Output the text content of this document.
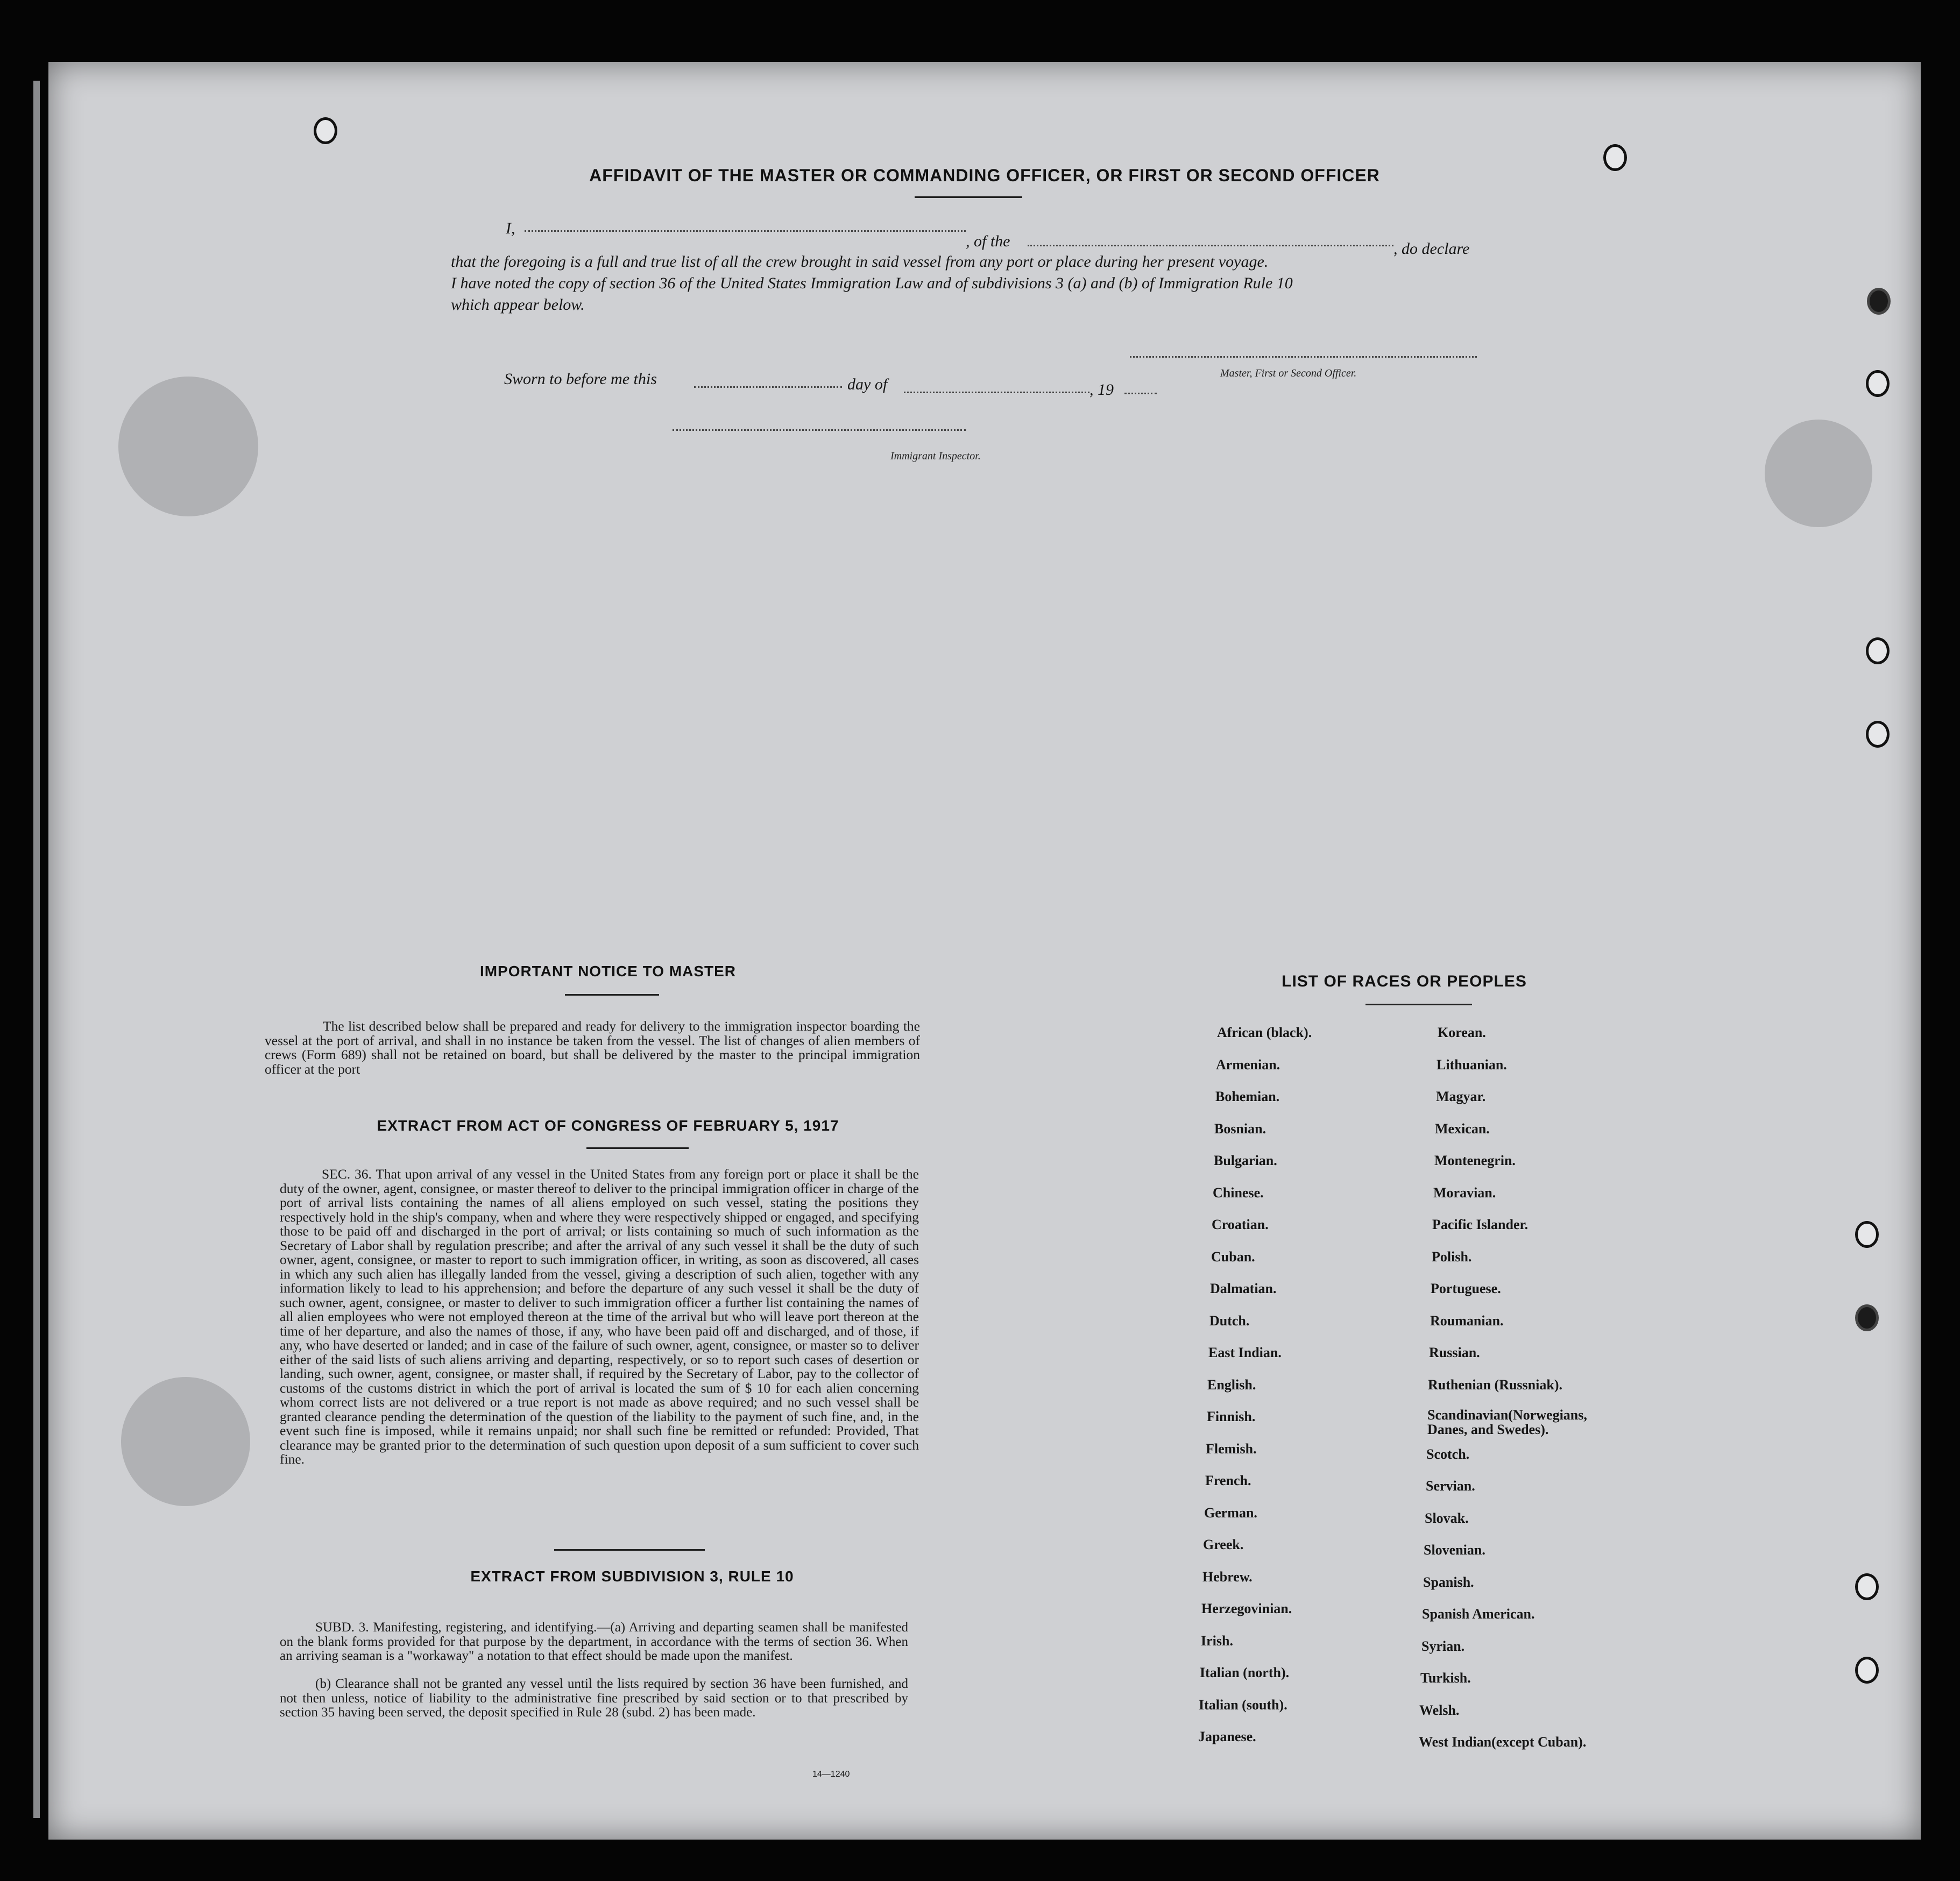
AFFIDAVIT OF THE MASTER OR COMMANDING OFFICER, OR FIRST OR SECOND OFFICER
I,
, of the	, do declare
that the foregoing is a full and true list of all the crew brought in said vessel from any port or place during her present voyage.
I have noted the copy of section 36 of the United States Immigration Law and of subdivisions 3 (a) and (b) of Immigration Rule 10
which appear below.
Master, First or Second Officer.
Sworn to before me this	day of	, 19
Immigrant Inspector.
IMPORTANT NOTICE TO MASTER
The list described below shall be prepared and ready for delivery to the immigration inspector boarding the vessel at the port of arrival, and shall in no instance be taken from the vessel. The list of changes of alien members of crews (Form 689) shall not be retained on board, but shall be delivered by the master to the principal immigration officer at the port
EXTRACT FROM ACT OF CONGRESS OF FEBRUARY 5, 1917
SEC. 36. That upon arrival of any vessel in the United States from any foreign port or place it shall be the duty of the owner, agent, consignee, or master thereof to deliver to the principal immigration officer in charge of the port of arrival lists containing the names of all aliens employed on such vessel, stating the positions they respectively hold in the ship's company, when and where they were respectively shipped or engaged, and specifying those to be paid off and discharged in the port of arrival; or lists containing so much of such information as the Secretary of Labor shall by regulation prescribe; and after the arrival of any such vessel it shall be the duty of such owner, agent, consignee, or master to report to such immigration officer, in writing, as soon as discovered, all cases in which any such alien has illegally landed from the vessel, giving a description of such alien, together with any information likely to lead to his apprehension; and before the departure of any such vessel it shall be the duty of such owner, agent, consignee, or master to deliver to such immigration officer a further list containing the names of all alien employees who were not employed thereon at the time of the arrival but who will leave port thereon at the time of her departure, and also the names of those, if any, who have been paid off and discharged, and of those, if any, who have deserted or landed; and in case of the failure of such owner, agent, consignee, or master so to deliver either of the said lists of such aliens arriving and departing, respectively, or so to report such cases of desertion or landing, such owner, agent, consignee, or master shall, if required by the Secretary of Labor, pay to the collector of customs of the customs district in which the port of arrival is located the sum of $ 10 for each alien concerning whom correct lists are not delivered or a true report is not made as above required; and no such vessel shall be granted clearance pending the determination of the question of the liability to the payment of such fine, and, in the event such fine is imposed, while it remains unpaid; nor shall such fine be remitted or refunded: Provided, That clearance may be granted prior to the determination of such question upon deposit of a sum sufficient to cover such fine.
EXTRACT FROM SUBDIVISION 3, RULE 10
SUBD. 3. Manifesting, registering, and identifying.—(a) Arriving and departing seamen shall be manifested on the blank forms provided for that purpose by the department, in accordance with the terms of section 36. When an arriving seaman is a "workaway" a notation to that effect should be made upon the manifest.
(b) Clearance shall not be granted any vessel until the lists required by section 36 have been furnished, and not then unless, notice of liability to the administrative fine prescribed by said section or to that prescribed by section 35 having been served, the deposit specified in Rule 28 (subd. 2) has been made.
14—1240
LIST OF RACES OR PEOPLES
African (black).
Armenian.
Bohemian.
Bosnian.
Bulgarian.
Chinese.
Croatian.
Cuban.
Dalmatian.
Dutch.
East Indian.
English.
Finnish.
Flemish.
French.
German.
Greek.
Hebrew.
Herzegovinian.
Irish.
Italian (north).
Italian (south).
Japanese.
Korean.
Lithuanian.
Magyar.
Mexican.
Montenegrin.
Moravian.
Pacific Islander.
Polish.
Portuguese.
Roumanian.
Russian.
Ruthenian (Russniak).
Scandinavian(Norwegians, Danes, and Swedes).
Scotch.
Servian.
Slovak.
Slovenian.
Spanish.
Spanish American.
Syrian.
Turkish.
Welsh.
West Indian(except Cuban).
